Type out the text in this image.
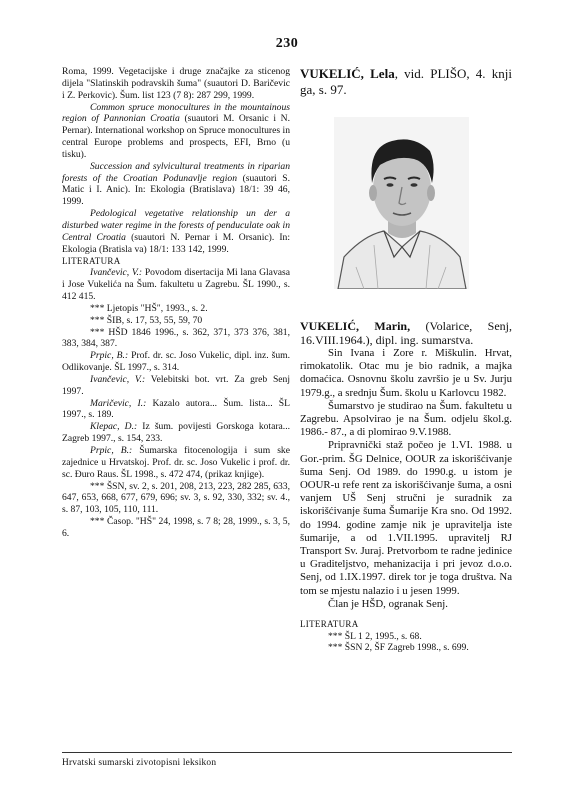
230

Roma, 1999. Vegetacijske i druge značajke za sticenog dijela "Slatinskih podravskih šuma" (suautori D. Baričevic i Z. Perkovic). Šum. list 123 (7 8): 287 299, 1999.

Common spruce monocultures in the mountainous region of Pannonian Croatia (suautori M. Orsanic i N. Pernar). International workshop on Spruce monocultures in central Europe problems and prospects, EFI, Brno (u tisku).

Succession and sylvicultural treatments in riparian forests of the Croatian Podunavlje region (suautori S. Matic i I. Anic). In: Ekologia (Bratislava) 18/1: 39 46, 1999.

Pedological vegetative relationship un der a disturbed water regime in the forests of penduculate oak in Central Croatia (suautori N. Pernar i M. Orsanic). In: Ekologia (Bratisla va) 18/1: 133 142, 1999.

LITERATURA

Ivančevic, V.: Povodom disertacija Mi lana Glavasa i Jose Vukelića na Šum. fakultetu u Zagrebu. ŠL 1990., s. 412 415.

*** Ljetopis "HŠ", 1993., s. 2.

*** ŠIB, s. 17, 53, 55, 59, 70

*** HŠD 1846 1996., s. 362, 371, 373 376, 381, 383, 384, 387.

Prpic, B.: Prof. dr. sc. Joso Vukelic, dipl. inz. šum. Odlikovanje. ŠL 1997., s. 314.

Ivančevic, V.: Velebitski bot. vrt. Za greb Senj 1997.

Maričevic, I.: Kazalo autora... Šum. lista... ŠL 1997., s. 189.

Klepac, D.: Iz šum. povijesti Gorskoga kotara... Zagreb 1997., s. 154, 233.

Prpic, B.: Šumarska fitocenologija i sum ske zajednice u Hrvatskoj. Prof. dr. sc. Joso Vukelic i prof. dr. sc. Đuro Raus. ŠL 1998., s. 472 474, (prikaz knjige).

*** ŠSN, sv. 2, s. 201, 208, 213, 223, 282 285, 633, 647, 653, 668, 677, 679, 696; sv. 3, s. 92, 330, 332; sv. 4., s. 87, 103, 105, 110, 111.

*** Časop. "HŠ" 24, 1998, s. 7 8; 28, 1999., s. 3, 5, 6.

VUKELIĆ, Lela, vid. PLIŠO, 4. knji ga, s. 97.

VUKELIĆ, Marin, (Volarice, Senj, 16.VIII.1964.), dipl. ing. sumarstva.

Sin Ivana i Zore r. Miškulin. Hrvat, rimokatolik. Otac mu je bio radnik, a majka domaćica. Osnovnu školu završio je u Sv. Jurju 1979.g., a srednju Šum. školu u Karlovcu 1982.

Šumarstvo je studirao na Šum. fakultetu u Zagrebu. Apsolvirao je na Šum. odjelu škol.g. 1986.- 87., a di plomirao 9.V.1988.

Pripravnički staž počeo je 1.VI. 1988. u Gor.-prim. ŠG Delnice, OOUR za iskorišćivanje šuma Senj. Od 1989. do 1990.g. u istom je OOUR-u refe rent za iskorišćivanje šuma, a osni vanjem UŠ Senj stručni je suradnik za iskorišćivanje šuma Šumarije Kra sno. Od 1992. do 1994. godine zamje nik je upravitelja iste šumarije, a od 1.VII.1995. upravitelj RJ Transport Sv. Juraj. Pretvorbom te radne jedinice u Graditeljstvo, mehanizacija i pri jevoz d.o.o. Senj, od 1.IX.1997. direk tor je toga društva. Na tom se mjestu nalazio i u jesen 1999.

Član je HŠD, ogranak Senj.

LITERATURA

*** ŠL 1 2, 1995., s. 68.

*** ŠSN 2, ŠF Zagreb 1998., s. 699.

Hrvatski sumarski zivotopisni leksikon
